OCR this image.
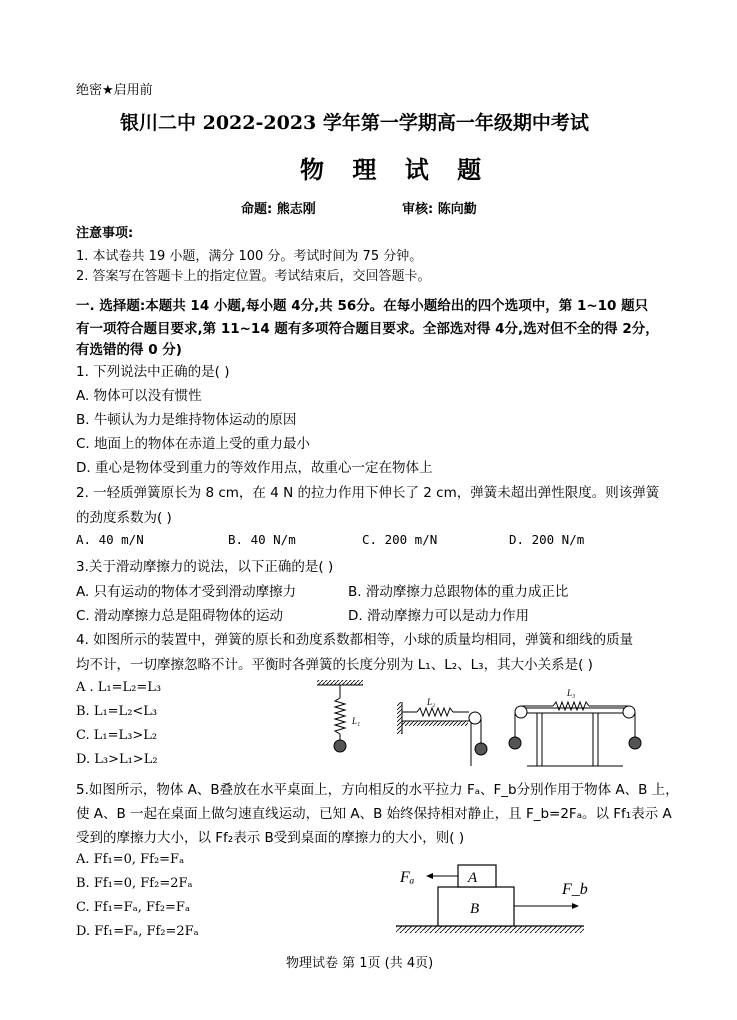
绝密★启用前
银川二中 2022-2023 学年第一学期高一年级期中考试
物 理 试 题
命题: 熊志刚	审核: 陈向勤
注意事项:
1. 本试卷共 19 小题，满分 100 分。考试时间为 75 分钟。
2. 答案写在答题卡上的指定位置。考试结束后，交回答题卡。
一. 选择题:本题共 14 小题,每小题 4分,共 56分。在每小题给出的四个选项中，第 1~10 题只
有一项符合题目要求,第 11~14 题有多项符合题目要求。全部选对得 4分,选对但不全的得 2分，
有选错的得 0 分)
1. 下列说法中正确的是( )
A. 物体可以没有惯性
B. 牛顿认为力是维持物体运动的原因
C. 地面上的物体在赤道上受的重力最小
D. 重心是物体受到重力的等效作用点，故重心一定在物体上
2. 一轻质弹簧原长为 8 cm，在 4 N 的拉力作用下伸长了 2 cm，弹簧未超出弹性限度。则该弹簧
的劲度系数为( )
A. 40 m/N	B. 40 N/m	C. 200 m/N	D. 200 N/m
3.关于滑动摩擦力的说法，以下正确的是( )
A. 只有运动的物体才受到滑动摩擦力	B. 滑动摩擦力总跟物体的重力成正比
C. 滑动摩擦力总是阻碍物体的运动	D. 滑动摩擦力可以是动力作用
4. 如图所示的装置中，弹簧的原长和劲度系数都相等，小球的质量均相同，弹簧和细线的质量
均不计，一切摩擦忽略不计。平衡时各弹簧的长度分别为 L₁、L₂、L₃，其大小关系是( )
A . L₁=L₂=L₃
B. L₁=L₂<L₃
C. L₁=L₃>L₂
D. L₃>L₁>L₂
L₁
L₂
L₃
5.如图所示，物体 A、B叠放在水平桌面上，方向相反的水平拉力 Fₐ、F_b分别作用于物体 A、B 上，
使 A、B 一起在桌面上做匀速直线运动，已知 A、B 始终保持相对静止，且 F_b=2Fₐ。以 Ff₁表示 A
受到的摩擦力大小，以 Ff₂表示 B受到桌面的摩擦力的大小，则( )
A. Ff₁=0, Ff₂=Fₐ
B. Ff₁=0, Ff₂=2Fₐ
C. Ff₁=Fₐ, Ff₂=Fₐ
D. Ff₁=Fₐ, Ff₂=2Fₐ
Fₐ	A
B
F_b
物理试卷 第 1页 (共 4页)
